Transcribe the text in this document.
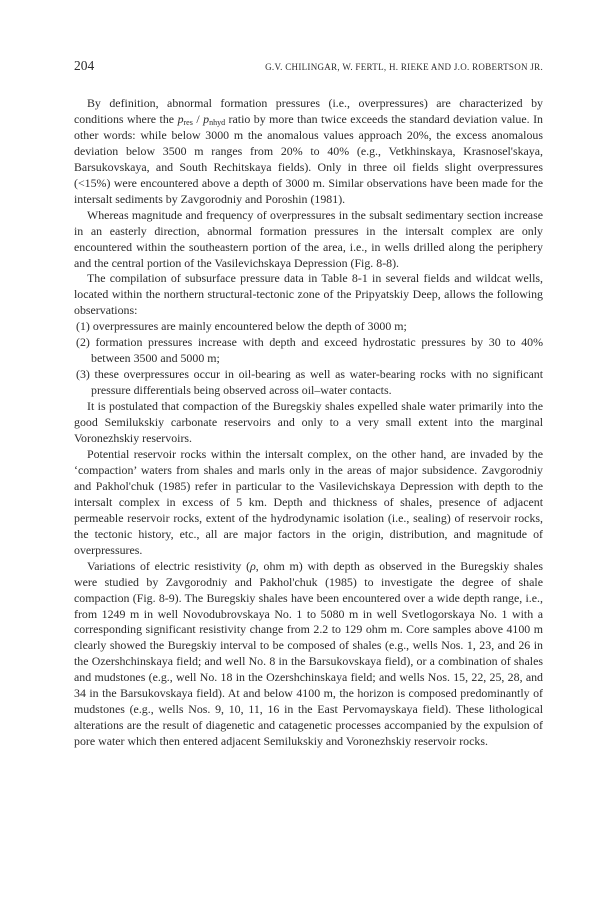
204	G.V. CHILINGAR, W. FERTL, H. RIEKE AND J.O. ROBERTSON JR.

By definition, abnormal formation pressures (i.e., overpressures) are characterized by conditions where the $p_{res} / p_{nhyd}$ ratio by more than twice exceeds the standard deviation value. In other words: while below 3000 m the anomalous values approach 20%, the excess anomalous deviation below 3500 m ranges from 20% to 40% (e.g., Vetkhinskaya, Krasnosel'skaya, Barsukovskaya, and South Rechitskaya fields). Only in three oil fields slight overpressures (<15%) were encountered above a depth of 3000 m. Similar observations have been made for the intersalt sediments by Zavgorodniy and Poroshin (1981).

Whereas magnitude and frequency of overpressures in the subsalt sedimentary section increase in an easterly direction, abnormal formation pressures in the intersalt complex are only encountered within the southeastern portion of the area, i.e., in wells drilled along the periphery and the central portion of the Vasilevichskaya Depression (Fig. 8-8).

The compilation of subsurface pressure data in Table 8-1 in several fields and wildcat wells, located within the northern structural-tectonic zone of the Pripyatskiy Deep, allows the following observations:

(1) overpressures are mainly encountered below the depth of 3000 m;

(2) formation pressures increase with depth and exceed hydrostatic pressures by 30 to 40% between 3500 and 5000 m;

(3) these overpressures occur in oil-bearing as well as water-bearing rocks with no significant pressure differentials being observed across oil–water contacts.

It is postulated that compaction of the Buregskiy shales expelled shale water primarily into the good Semilukskiy carbonate reservoirs and only to a very small extent into the marginal Voronezhskiy reservoirs.

Potential reservoir rocks within the intersalt complex, on the other hand, are invaded by the ‘compaction’ waters from shales and marls only in the areas of major subsidence. Zavgorodniy and Pakhol'chuk (1985) refer in particular to the Vasilevichskaya Depression with depth to the intersalt complex in excess of 5 km. Depth and thickness of shales, presence of adjacent permeable reservoir rocks, extent of the hydrodynamic isolation (i.e., sealing) of reservoir rocks, the tectonic history, etc., all are major factors in the origin, distribution, and magnitude of overpressures.

Variations of electric resistivity (ρ, ohm m) with depth as observed in the Buregskiy shales were studied by Zavgorodniy and Pakhol'chuk (1985) to investigate the degree of shale compaction (Fig. 8-9). The Buregskiy shales have been encountered over a wide depth range, i.e., from 1249 m in well Novodubrovskaya No. 1 to 5080 m in well Svetlogorskaya No. 1 with a corresponding significant resistivity change from 2.2 to 129 ohm m. Core samples above 4100 m clearly showed the Buregskiy interval to be composed of shales (e.g., wells Nos. 1, 23, and 26 in the Ozershchinskaya field; and well No. 8 in the Barsukovskaya field), or a combination of shales and mudstones (e.g., well No. 18 in the Ozershchinskaya field; and wells Nos. 15, 22, 25, 28, and 34 in the Barsukovskaya field). At and below 4100 m, the horizon is composed predominantly of mudstones (e.g., wells Nos. 9, 10, 11, 16 in the East Pervomayskaya field). These lithological alterations are the result of diagenetic and catagenetic processes accompanied by the expulsion of pore water which then entered adjacent Semilukskiy and Voronezhskiy reservoir rocks.
